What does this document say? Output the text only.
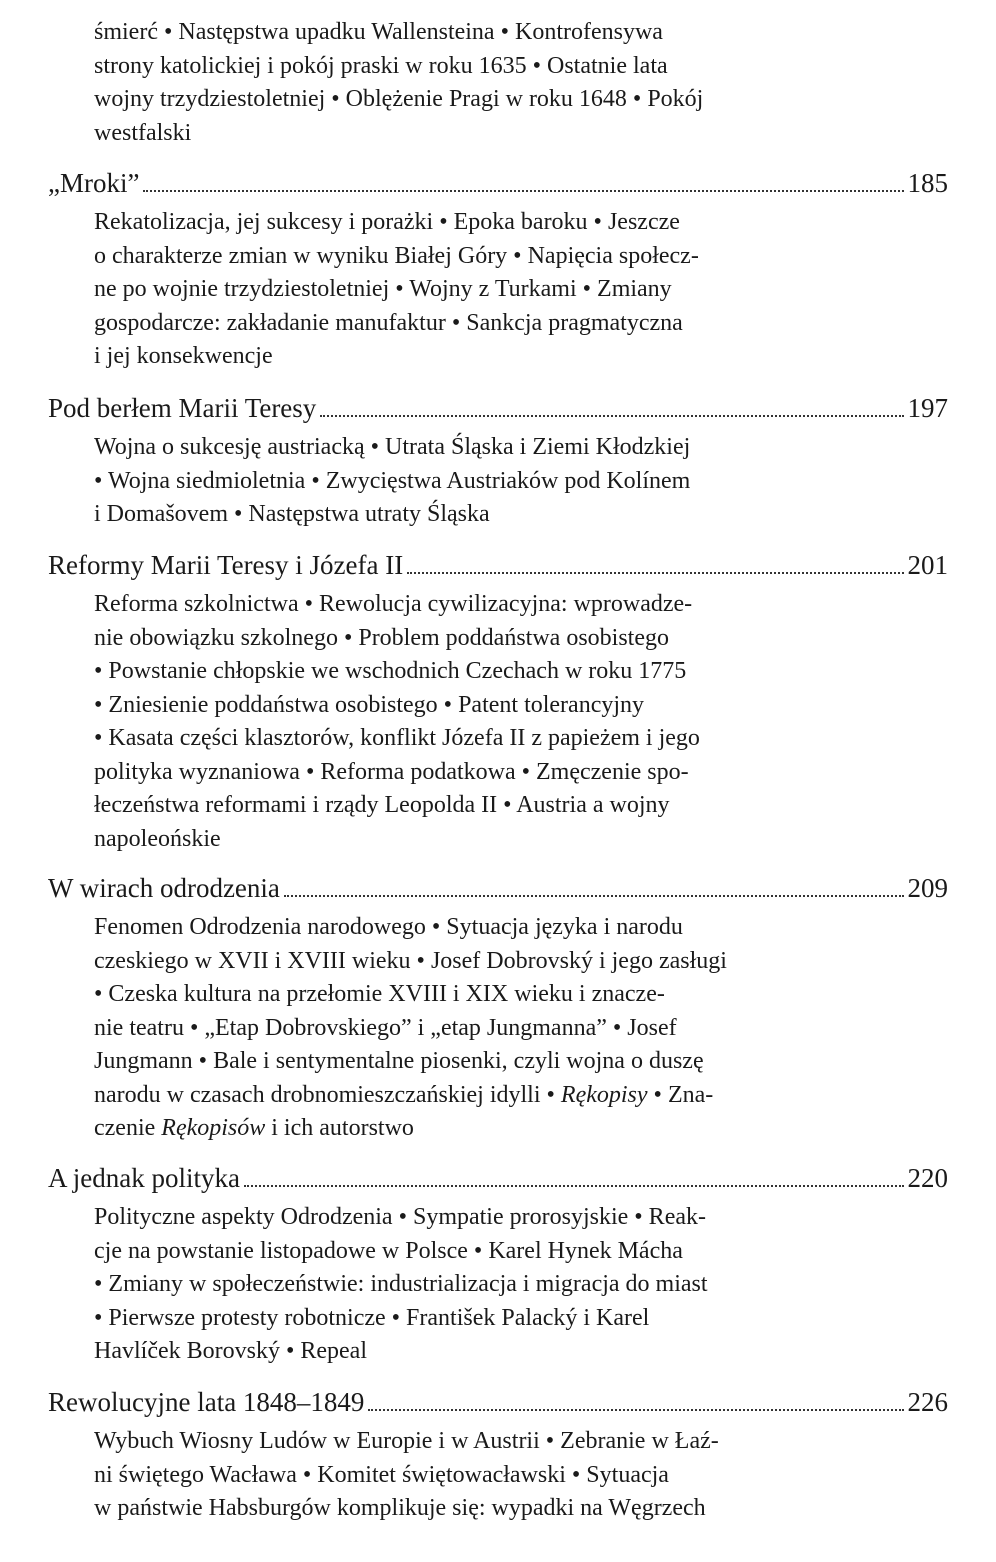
śmierć • Następstwa upadku Wallensteina • Kontrofensywa
strony katolickiej i pokój praski w roku 1635 • Ostatnie lata
wojny trzydziestoletniej • Oblężenie Pragi w roku 1648 • Pokój
westfalski
„Mroki”	185
Rekatolizacja, jej sukcesy i porażki • Epoka baroku • Jeszcze
o charakterze zmian w wyniku Białej Góry • Napięcia społecz-
ne po wojnie trzydziestoletniej • Wojny z Turkami • Zmiany
gospodarcze: zakładanie manufaktur • Sankcja pragmatyczna
i jej konsekwencje
Pod berłem Marii Teresy	197
Wojna o sukcesję austriacką • Utrata Śląska i Ziemi Kłodzkiej
• Wojna siedmioletnia • Zwycięstwa Austriaków pod Kolínem
i Domašovem • Następstwa utraty Śląska
Reformy Marii Teresy i Józefa II	201
Reforma szkolnictwa • Rewolucja cywilizacyjna: wprowadze-
nie obowiązku szkolnego • Problem poddaństwa osobistego
• Powstanie chłopskie we wschodnich Czechach w roku 1775
• Zniesienie poddaństwa osobistego • Patent tolerancyjny
• Kasata części klasztorów, konflikt Józefa II z papieżem i jego
polityka wyznaniowa • Reforma podatkowa • Zmęczenie spo-
łeczeństwa reformami i rządy Leopolda II • Austria a wojny
napoleońskie
W wirach odrodzenia	209
Fenomen Odrodzenia narodowego • Sytuacja języka i narodu
czeskiego w XVII i XVIII wieku • Josef Dobrovský i jego zasługi
• Czeska kultura na przełomie XVIII i XIX wieku i znacze-
nie teatru • „Etap Dobrovskiego” i „etap Jungmanna” • Josef
Jungmann • Bale i sentymentalne piosenki, czyli wojna o duszę
narodu w czasach drobnomieszczańskiej idylli • Rękopisy • Zna-
czenie Rękopisów i ich autorstwo
A jednak polityka	220
Polityczne aspekty Odrodzenia • Sympatie prorosyjskie • Reak-
cje na powstanie listopadowe w Polsce • Karel Hynek Mácha
• Zmiany w społeczeństwie: industrializacja i migracja do miast
• Pierwsze protesty robotnicze • František Palacký i Karel
Havlíček Borovský • Repeal
Rewolucyjne lata 1848–1849	226
Wybuch Wiosny Ludów w Europie i w Austrii • Zebranie w Łaź-
ni świętego Wacława • Komitet świętowacławski • Sytuacja
w państwie Habsburgów komplikuje się: wypadki na Węgrzech
